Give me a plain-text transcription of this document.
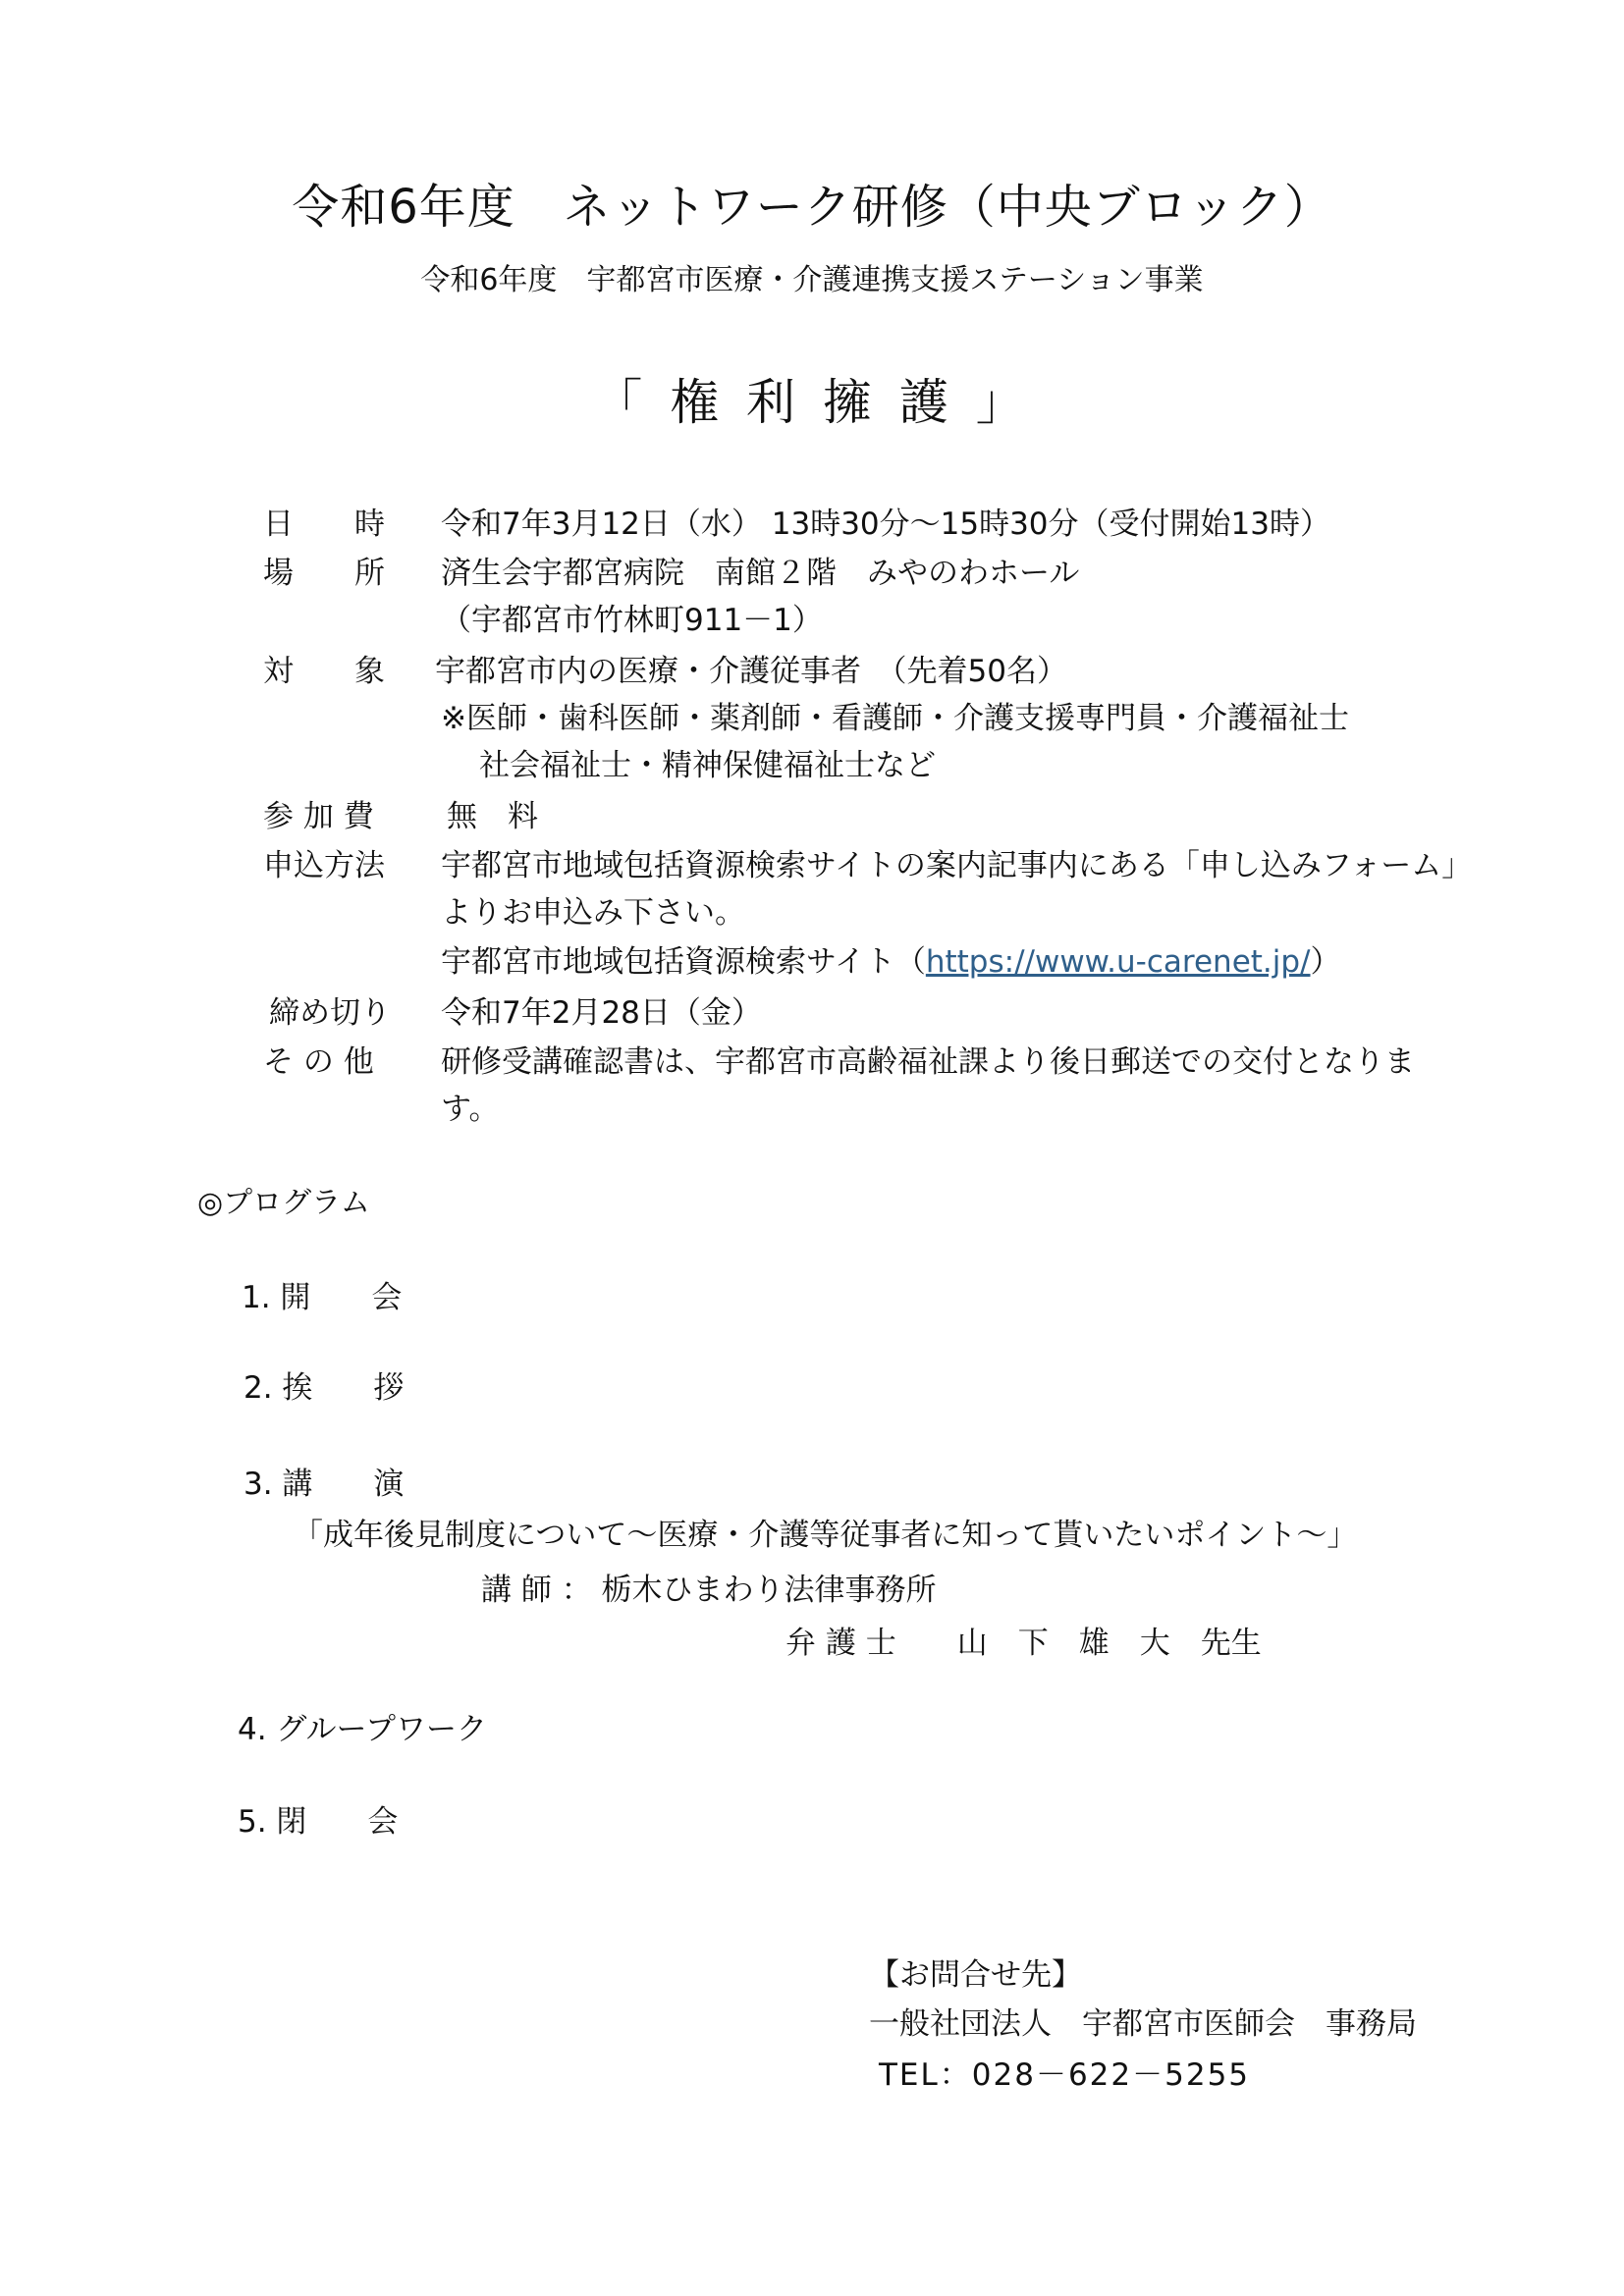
令和6年度　ネットワーク研修（中央ブロック）
令和6年度　宇都宮市医療・介護連携支援ステーション事業
「 権 利 擁 護 」
日　　時 令和7年3月12日（水） 13時30分～15時30分（受付開始13時）
場　　所 済生会宇都宮病院　南館２階　みやのわホール
（宇都宮市竹林町911－1）
対　　象 宇都宮市内の医療・介護従事者　（先着50名）
※医師・歯科医師・薬剤師・看護師・介護支援専門員・介護福祉士
社会福祉士・精神保健福祉士など
参 加 費 無　料
申込方法 宇都宮市地域包括資源検索サイトの案内記事内にある「申し込みフォーム」
よりお申込み下さい。
宇都宮市地域包括資源検索サイト（https://www.u-carenet.jp/）
締め切り 令和7年2月28日（金）
そ の 他 研修受講確認書は、宇都宮市高齢福祉課より後日郵送での交付となりま
す。
◎プログラム
1. 開　　会
2. 挨　　拶
3. 講　　演
「成年後見制度について～医療・介護等従事者に知って貰いたいポイント～」
講 師 ： 栃木ひまわり法律事務所
弁 護 士　　山　下　雄　大　先生
4. グループワーク
5. 閉　　会
【お問合せ先】
一般社団法人　宇都宮市医師会　事務局
TEL：028－622－5255
